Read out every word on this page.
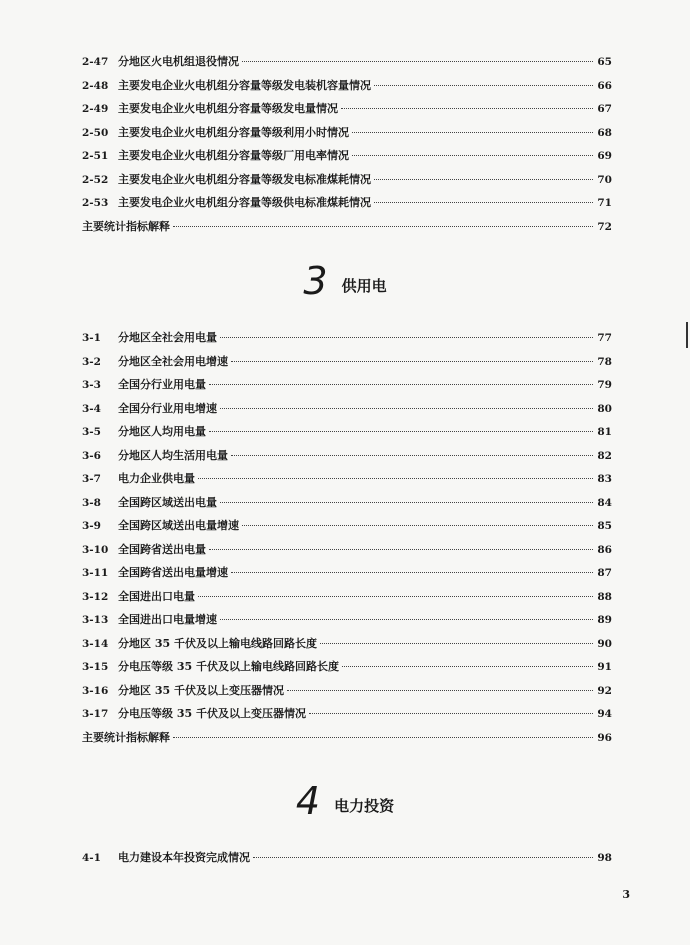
2-47 分地区火电机组退役情况	65
2-48 主要发电企业火电机组分容量等级发电装机容量情况	66
2-49 主要发电企业火电机组分容量等级发电量情况	67
2-50 主要发电企业火电机组分容量等级利用小时情况	68
2-51 主要发电企业火电机组分容量等级厂用电率情况	69
2-52 主要发电企业火电机组分容量等级发电标准煤耗情况	70
2-53 主要发电企业火电机组分容量等级供电标准煤耗情况	71
主要统计指标解释	72
3 供用电
3-1	分地区全社会用电量	77
3-2	分地区全社会用电增速	78
3-3	全国分行业用电量	79
3-4	全国分行业用电增速	80
3-5	分地区人均用电量	81
3-6	分地区人均生活用电量	82
3-7	电力企业供电量	83
3-8	全国跨区域送出电量	84
3-9	全国跨区域送出电量增速	85
3-10 全国跨省送出电量	86
3-11 全国跨省送出电量增速	87
3-12 全国进出口电量	88
3-13 全国进出口电量增速	89
3-14 分地区 35 千伏及以上输电线路回路长度	90
3-15 分电压等级 35 千伏及以上输电线路回路长度	91
3-16 分地区 35 千伏及以上变压器情况	92
3-17 分电压等级 35 千伏及以上变压器情况	94
主要统计指标解释	96
4 电力投资
4-1	电力建设本年投资完成情况	98
3
